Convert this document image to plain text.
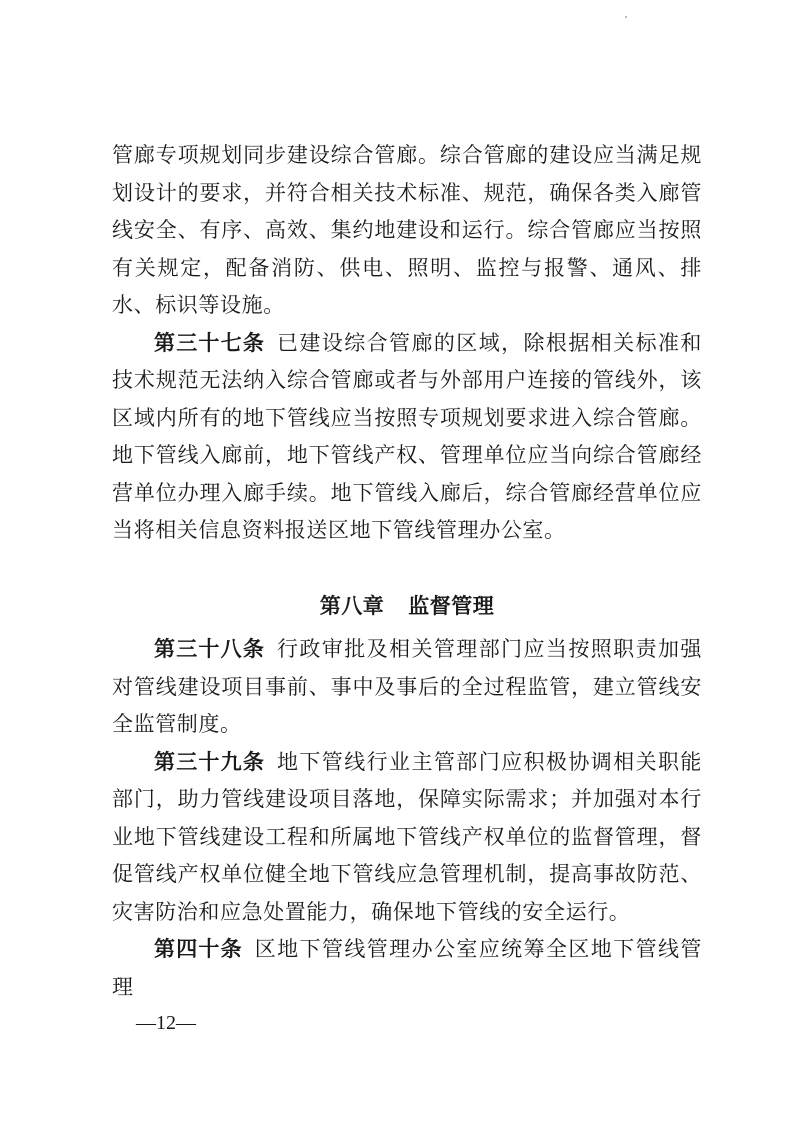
管廊专项规划同步建设综合管廊。综合管廊的建设应当满足规划设计的要求，并符合相关技术标准、规范，确保各类入廊管线安全、有序、高效、集约地建设和运行。综合管廊应当按照有关规定，配备消防、供电、照明、监控与报警、通风、排水、标识等设施。

第三十七条  已建设综合管廊的区域，除根据相关标准和技术规范无法纳入综合管廊或者与外部用户连接的管线外，该区域内所有的地下管线应当按照专项规划要求进入综合管廊。地下管线入廊前，地下管线产权、管理单位应当向综合管廊经营单位办理入廊手续。地下管线入廊后，综合管廊经营单位应当将相关信息资料报送区地下管线管理办公室。

第八章 监督管理

第三十八条  行政审批及相关管理部门应当按照职责加强对管线建设项目事前、事中及事后的全过程监管，建立管线安全监管制度。

第三十九条  地下管线行业主管部门应积极协调相关职能部门，助力管线建设项目落地，保障实际需求；并加强对本行业地下管线建设工程和所属地下管线产权单位的监督管理，督促管线产权单位健全地下管线应急管理机制，提高事故防范、灾害防治和应急处置能力，确保地下管线的安全运行。

第四十条  区地下管线管理办公室应统筹全区地下管线管理

—12—
